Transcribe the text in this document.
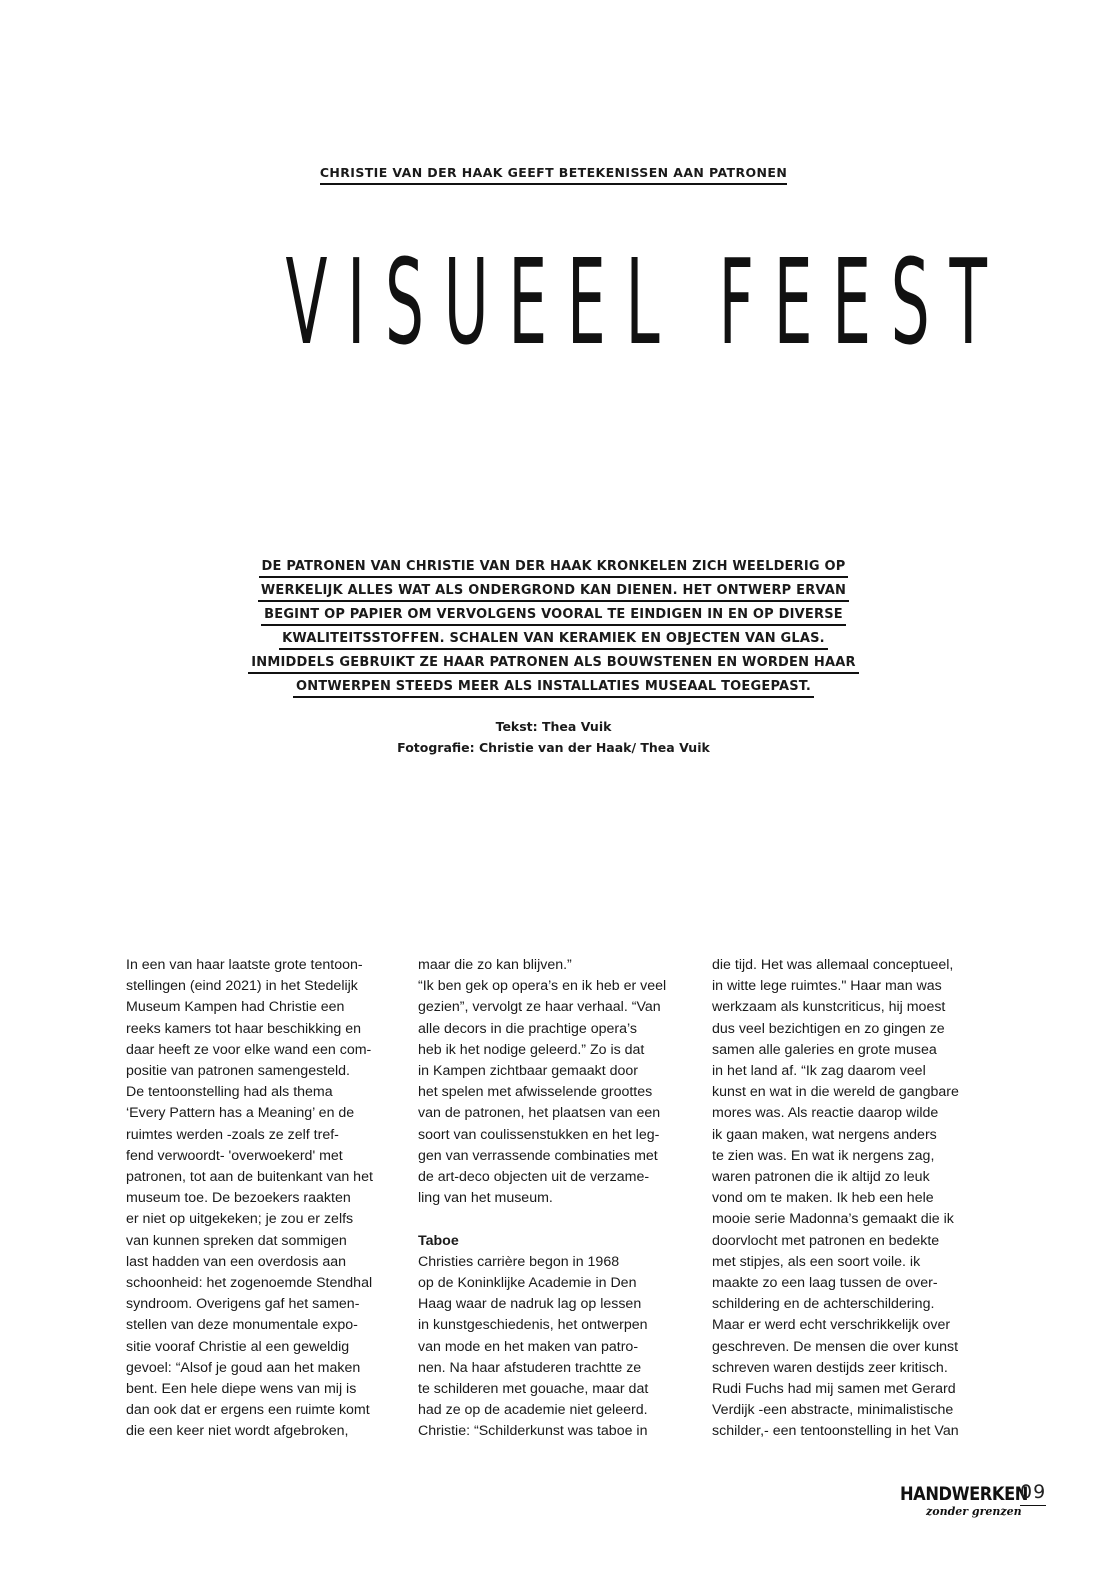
CHRISTIE VAN DER HAAK GEEFT BETEKENISSEN AAN PATRONEN
VISUEEL FEEST
DE PATRONEN VAN CHRISTIE VAN DER HAAK KRONKELEN ZICH WEELDERIG OP
WERKELIJK ALLES WAT ALS ONDERGROND KAN DIENEN. HET ONTWERP ERVAN
BEGINT OP PAPIER OM VERVOLGENS VOORAL TE EINDIGEN IN EN OP DIVERSE
KWALITEITSSTOFFEN. SCHALEN VAN KERAMIEK EN OBJECTEN VAN GLAS.
INMIDDELS GEBRUIKT ZE HAAR PATRONEN ALS BOUWSTENEN EN WORDEN HAAR
ONTWERPEN STEEDS MEER ALS INSTALLATIES MUSEAAL TOEGEPAST.
Tekst: Thea Vuik
Fotografie: Christie van der Haak/ Thea Vuik
In een van haar laatste grote tentoon-
stellingen (eind 2021) in het Stedelijk
Museum Kampen had Christie een
reeks kamers tot haar beschikking en
daar heeft ze voor elke wand een com-
positie van patronen samengesteld.
De tentoonstelling had als thema
‘Every Pattern has a Meaning’ en de
ruimtes werden -zoals ze zelf tref-
fend verwoordt- 'overwoekerd' met
patronen, tot aan de buitenkant van het
museum toe. De bezoekers raakten
er niet op uitgekeken; je zou er zelfs
van kunnen spreken dat sommigen
last hadden van een overdosis aan
schoonheid: het zogenoemde Stendhal
syndroom. Overigens gaf het samen-
stellen van deze monumentale expo-
sitie vooraf Christie al een geweldig
gevoel: “Alsof je goud aan het maken
bent. Een hele diepe wens van mij is
dan ook dat er ergens een ruimte komt
die een keer niet wordt afgebroken,
maar die zo kan blijven.”
“Ik ben gek op opera’s en ik heb er veel
gezien”, vervolgt ze haar verhaal. “Van
alle decors in die prachtige opera’s
heb ik het nodige geleerd.” Zo is dat
in Kampen zichtbaar gemaakt door
het spelen met afwisselende groottes
van de patronen, het plaatsen van een
soort van coulissenstukken en het leg-
gen van verrassende combinaties met
de art-deco objecten uit de verzame-
ling van het museum.
Taboe
Christies carrière begon in 1968
op de Koninklijke Academie in Den
Haag waar de nadruk lag op lessen
in kunstgeschiedenis, het ontwerpen
van mode en het maken van patro-
nen. Na haar afstuderen trachtte ze
te schilderen met gouache, maar dat
had ze op de academie niet geleerd.
Christie: “Schilderkunst was taboe in
die tijd. Het was allemaal conceptueel,
in witte lege ruimtes." Haar man was
werkzaam als kunstcriticus, hij moest
dus veel bezichtigen en zo gingen ze
samen alle galeries en grote musea
in het land af. “Ik zag daarom veel
kunst en wat in die wereld de gangbare
mores was. Als reactie daarop wilde
ik gaan maken, wat nergens anders
te zien was. En wat ik nergens zag,
waren patronen die ik altijd zo leuk
vond om te maken. Ik heb een hele
mooie serie Madonna’s gemaakt die ik
doorvlocht met patronen en bedekte
met stipjes, als een soort voile. ik
maakte zo een laag tussen de over-
schildering en de achterschildering.
Maar er werd echt verschrikkelijk over
geschreven. De mensen die over kunst
schreven waren destijds zeer kritisch.
Rudi Fuchs had mij samen met Gerard
Verdijk -een abstracte, minimalistische
schilder,- een tentoonstelling in het Van
HANDWERKEN
zonder grenzen
09
